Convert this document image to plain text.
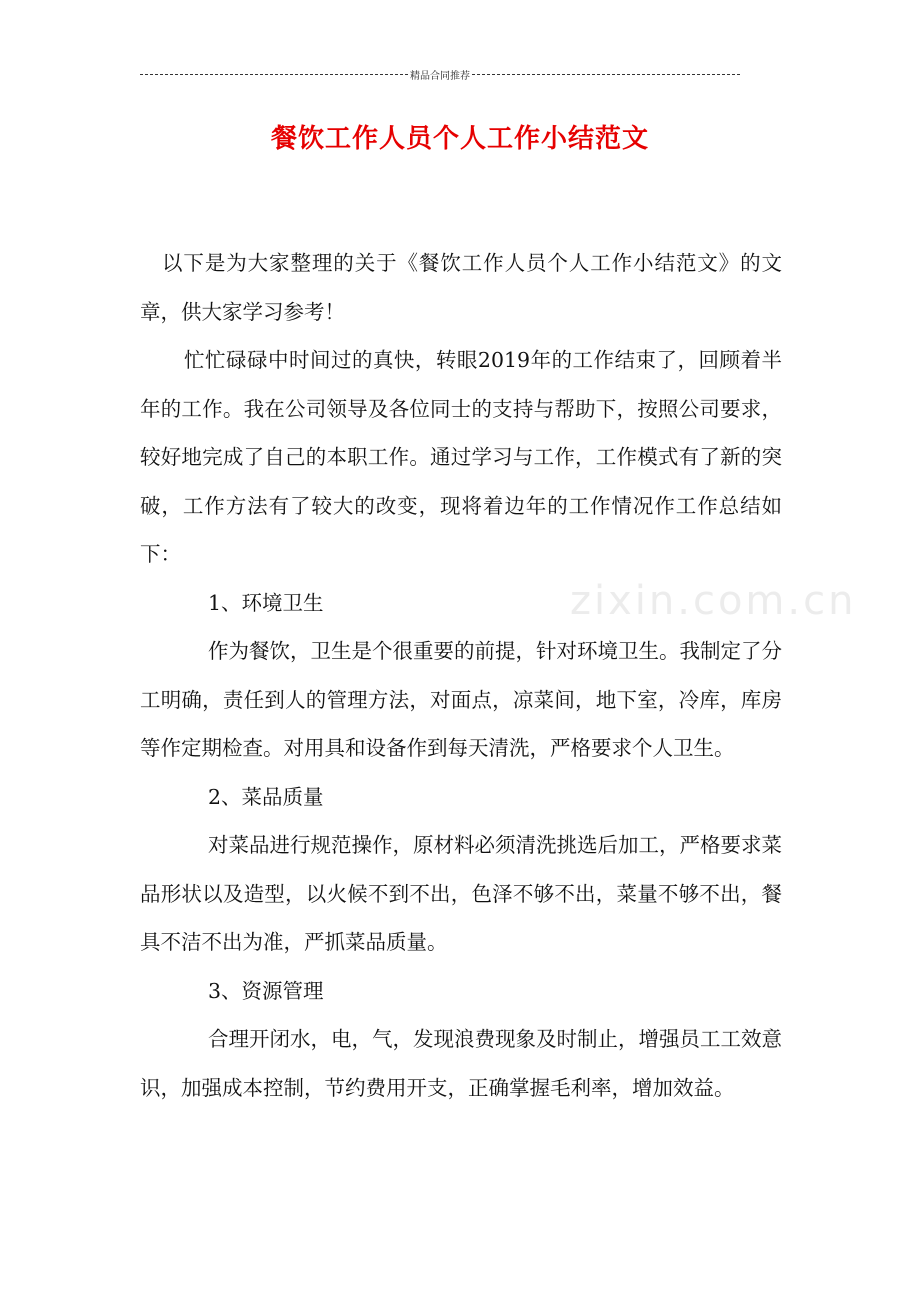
精品合同推荐
餐饮工作人员个人工作小结范文
zixin.com.cn

以下是为大家整理的关于《餐饮工作人员个人工作小结范文》的文章，供大家学习参考！

忙忙碌碌中时间过的真快，转眼2019年的工作结束了，回顾着半年的工作。我在公司领导及各位同士的支持与帮助下，按照公司要求，较好地完成了自己的本职工作。通过学习与工作，工作模式有了新的突破，工作方法有了较大的改变，现将着边年的工作情况作工作总结如下：

1、环境卫生

作为餐饮，卫生是个很重要的前提，针对环境卫生。我制定了分工明确，责任到人的管理方法，对面点，凉菜间，地下室，冷库，库房等作定期检查。对用具和设备作到每天清洗，严格要求个人卫生。

2、菜品质量

对菜品进行规范操作，原材料必须清洗挑选后加工，严格要求菜品形状以及造型，以火候不到不出，色泽不够不出，菜量不够不出，餐具不洁不出为准，严抓菜品质量。

3、资源管理

合理开闭水，电，气，发现浪费现象及时制止，增强员工工效意识，加强成本控制，节约费用开支，正确掌握毛利率，增加效益。
